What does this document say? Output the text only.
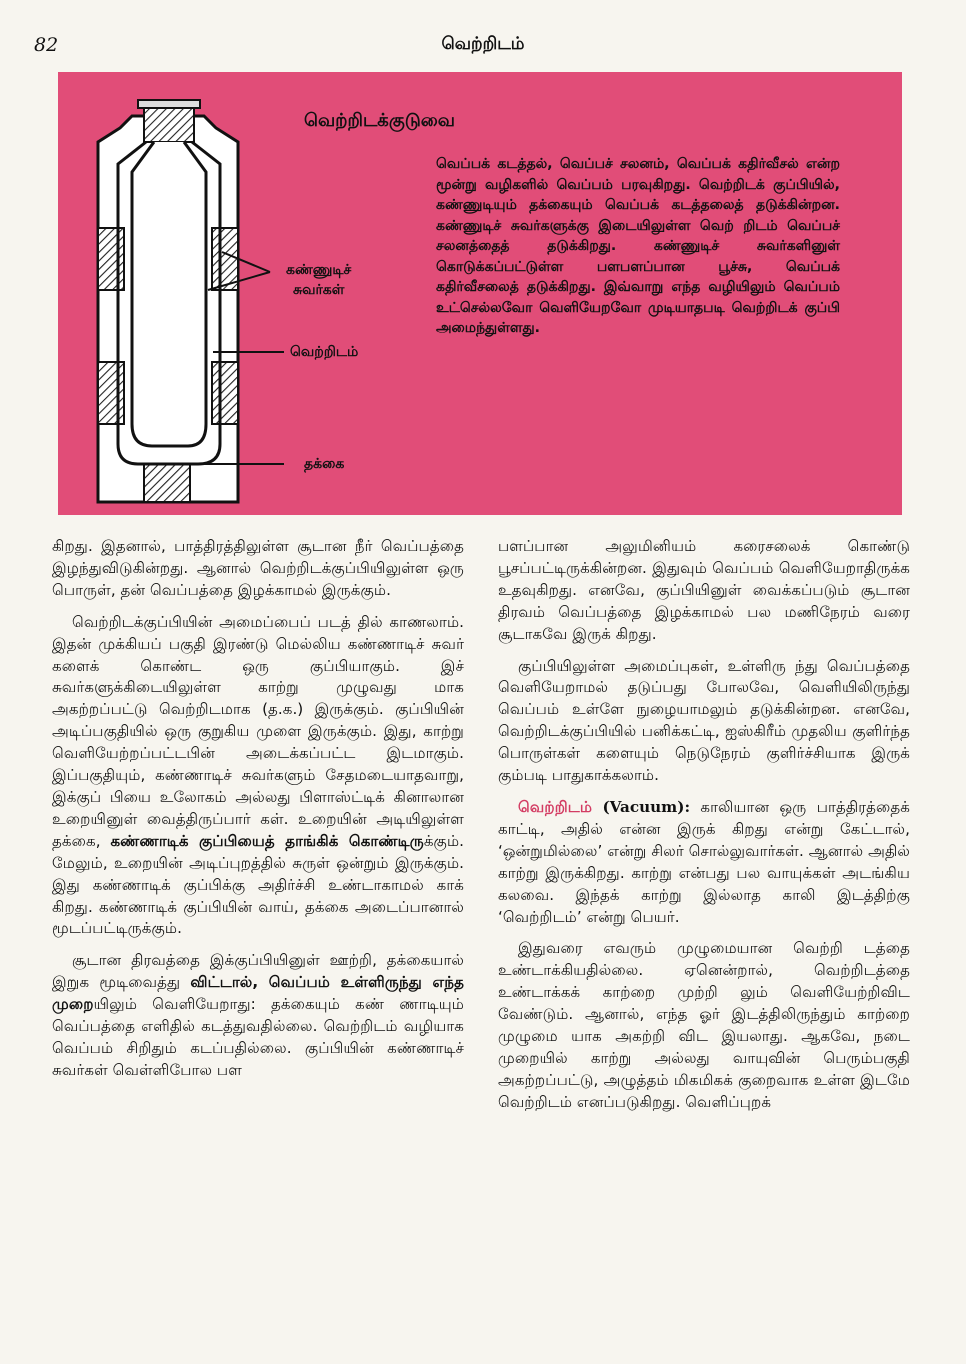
82	வெற்றிடம்
வெற்றிடக்குடுவை
கண்ணுடிச்
சுவர்கள்
வெற்றிடம்
தக்கை
வெப்பக் கடத்தல், வெப்பச் சலனம், வெப்பக் கதிர்வீசல் என்ற மூன்று வழிகளில் வெப்பம் பரவுகிறது. வெற்றிடக் குப்பியில், கண்ணுடியும் தக்கையும் வெப்பக் கடத்தலைத் தடுக்கின்றன. கண்ணுடிச் சுவர்களுக்கு இடையிலுள்ள வெற் றிடம் வெப்பச் சலனத்தைத் தடுக்கிறது. கண்ணுடிச் சுவர்களினுள் கொடுக்கப்பட்டுள்ள பளபளப்பான பூச்சு, வெப்பக் கதிர்வீசலைத் தடுக்கிறது. இவ்வாறு எந்த வழியிலும் வெப்பம் உட்செல்லவோ வெளியேறவோ முடியாதபடி வெற்றிடக் குப்பி அமைந்துள்ளது.

கிறது. இதனால், பாத்திரத்திலுள்ள சூடான நீர் வெப்பத்தை இழந்துவிடுகின்றது. ஆனால் வெற்றிடக்குப்பியிலுள்ள ஒரு பொருள், தன் வெப்பத்தை இழக்காமல் இருக்கும்.

வெற்றிடக்குப்பியின் அமைப்பைப் படத் தில் காணலாம். இதன் முக்கியப் பகுதி இரண்டு மெல்லிய கண்ணாடிச் சுவர் களைக் கொண்ட ஒரு குப்பியாகும். இச் சுவர்களுக்கிடையிலுள்ள காற்று முழுவது மாக அகற்றப்பட்டு வெற்றிடமாக (த.க.) இருக்கும். குப்பியின் அடிப்பகுதியில் ஒரு குறுகிய முளை இருக்கும். இது, காற்று வெளியேற்றப்பட்டபின் அடைக்கப்பட்ட இடமாகும். இப்பகுதியும், கண்ணாடிச் சுவர்களும் சேதமடையாதவாறு, இக்குப் பியை உலோகம் அல்லது பிளாஸ்ட்டிக் கினாலான உறையினுள் வைத்திருப்பார் கள். உறையின் அடியிலுள்ள தக்கை, கண்ணாடிக் குப்பியைத் தாங்கிக் கொண்டிருக்கும். மேலும், உறையின் அடிப்புறத்தில் சுருள் ஒன்றும் இருக்கும். இது கண்ணாடிக் குப்பிக்கு அதிர்ச்சி உண்டாகாமல் காக் கிறது. கண்ணாடிக் குப்பியின் வாய், தக்கை அடைப்பானால் மூடப்பட்டிருக்கும்.

சூடான திரவத்தை இக்குப்பியினுள் ஊற்றி, தக்கையால் இறுக மூடிவைத்து விட்டால், வெப்பம் உள்ளிருந்து எந்த முறையிலும் வெளியேறாது: தக்கையும் கண் ணாடியும் வெப்பத்தை எளிதில் கடத்துவதில்லை. வெற்றிடம் வழியாக வெப்பம் சிறிதும் கடப்பதில்லை. குப்பியின் கண்ணாடிச் சுவர்கள் வெள்ளிபோல பள

பளப்பான அலுமினியம் கரைசலைக் கொண்டு பூசப்பட்டிருக்கின்றன. இதுவும் வெப்பம் வெளியேறாதிருக்க உதவுகிறது. எனவே, குப்பியினுள் வைக்கப்படும் சூடான திரவம் வெப்பத்தை இழக்காமல் பல மணிநேரம் வரை சூடாகவே இருக் கிறது.

குப்பியிலுள்ள அமைப்புகள், உள்ளிரு ந்து வெப்பத்தை வெளியேறாமல் தடுப்பது போலவே, வெளியிலிருந்து வெப்பம் உள்ளே நுழையாமலும் தடுக்கின்றன. எனவே, வெற்றிடக்குப்பியில் பனிக்கட்டி, ஐஸ்கிரீம் முதலிய குளிர்ந்த பொருள்கள் களையும் நெடுநேரம் குளிர்ச்சியாக இருக் கும்படி பாதுகாக்கலாம்.

வெற்றிடம் (Vacuum): காலியான ஒரு பாத்திரத்தைக் காட்டி, அதில் என்ன இருக் கிறது என்று கேட்டால், ‘ஒன்றுமில்லை’ என்று சிலர் சொல்லுவார்கள். ஆனால் அதில் காற்று இருக்கிறது. காற்று என்பது பல வாயுக்கள் அடங்கிய கலவை. இந்தக் காற்று இல்லாத காலி இடத்திற்கு ‘வெற்றிடம்’ என்று பெயர்.

இதுவரை எவரும் முழுமையான வெற்றி டத்தை உண்டாக்கியதில்லை. ஏனென்றால், வெற்றிடத்தை உண்டாக்கக் காற்றை முற்றி லும் வெளியேற்றிவிட வேண்டும். ஆனால், எந்த ஓர் இடத்திலிருந்தும் காற்றை முழுமை யாக அகற்றி விட இயலாது. ஆகவே, நடை முறையில் காற்று அல்லது வாயுவின் பெரும்பகுதி அகற்றப்பட்டு, அழுத்தம் மிகமிகக் குறைவாக உள்ள இடமே வெற்றிடம் எனப்படுகிறது. வெளிப்புறக்
